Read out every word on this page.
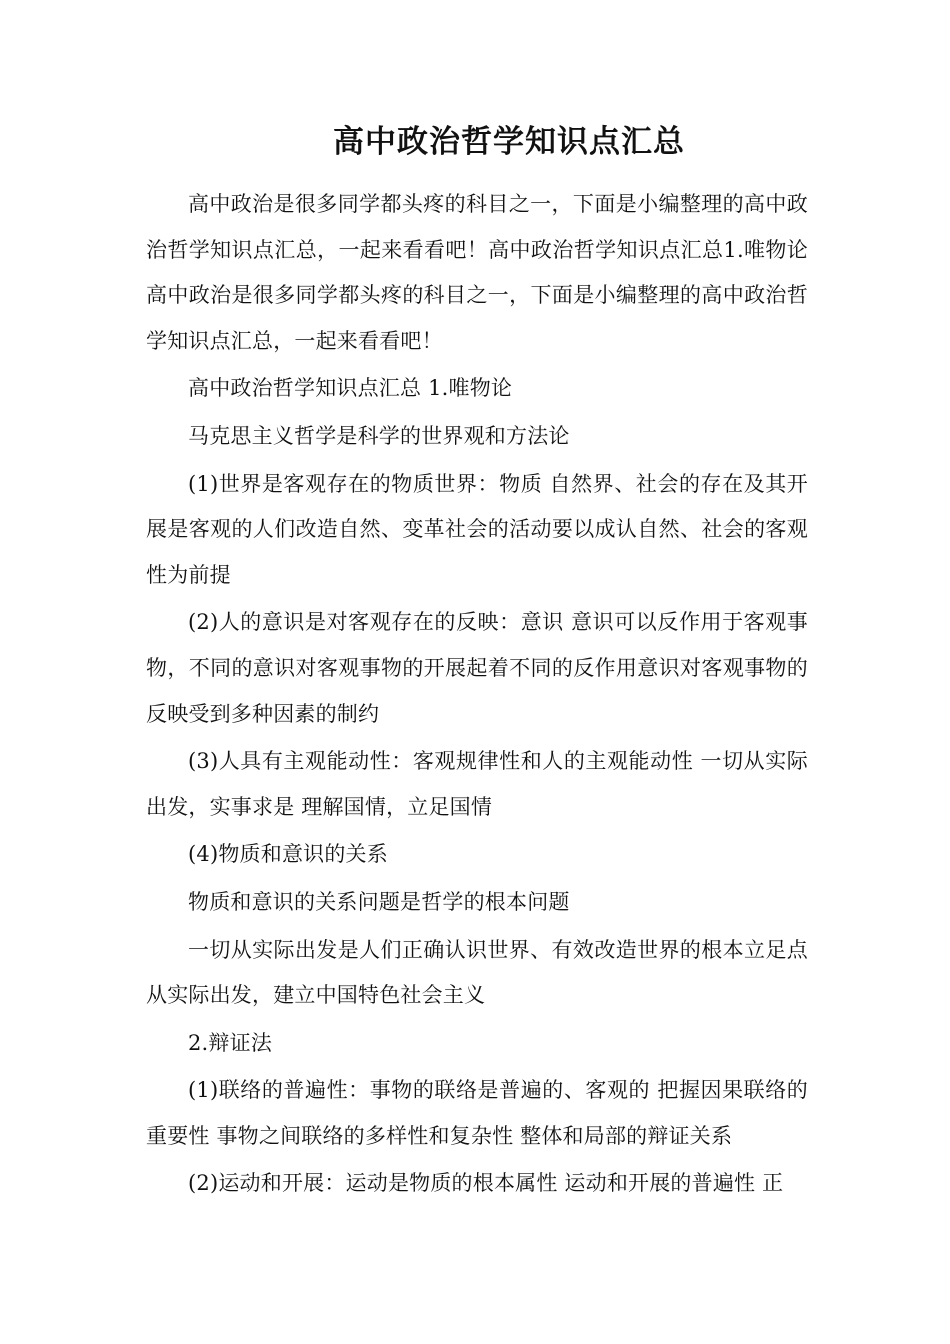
高中政治哲学知识点汇总

高中政治是很多同学都头疼的科目之一，下面是小编整理的高中政治哲学知识点汇总，一起来看看吧！高中政治哲学知识点汇总1.唯物论高中政治是很多同学都头疼的科目之一，下面是小编整理的高中政治哲学知识点汇总，一起来看看吧！

高中政治哲学知识点汇总 1.唯物论

马克思主义哲学是科学的世界观和方法论

(1)世界是客观存在的物质世界：物质 自然界、社会的存在及其开展是客观的人们改造自然、变革社会的活动要以成认自然、社会的客观性为前提

(2)人的意识是对客观存在的反映：意识 意识可以反作用于客观事物，不同的意识对客观事物的开展起着不同的反作用意识对客观事物的反映受到多种因素的制约

(3)人具有主观能动性：客观规律性和人的主观能动性 一切从实际出发，实事求是 理解国情，立足国情

(4)物质和意识的关系

物质和意识的关系问题是哲学的根本问题

一切从实际出发是人们正确认识世界、有效改造世界的根本立足点 从实际出发，建立中国特色社会主义

2.辩证法

(1)联络的普遍性：事物的联络是普遍的、客观的 把握因果联络的重要性 事物之间联络的多样性和复杂性 整体和局部的辩证关系

(2)运动和开展：运动是物质的根本属性 运动和开展的普遍性 正
